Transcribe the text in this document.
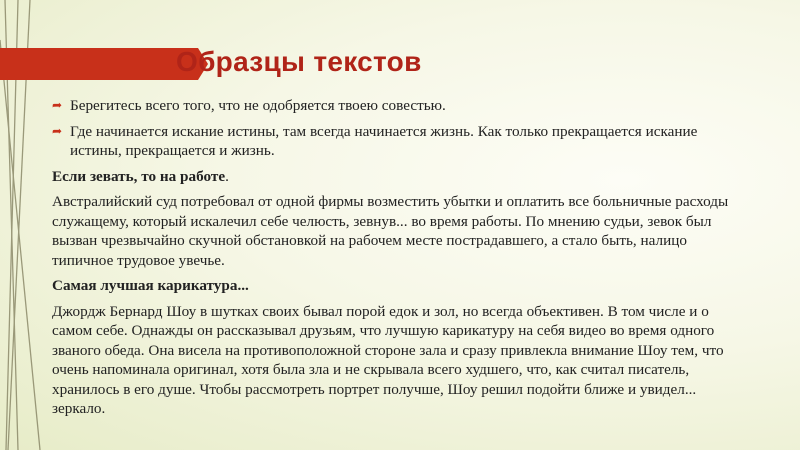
Образцы текстов
➦ Берегитесь всего того, что не одобряется твоею совестью.
➦ Где начинается искание истины, там всегда начинается жизнь. Как только прекращается искание истины, прекращается и жизнь.
Если зевать, то на работе.

Австралийский суд потребовал от одной фирмы возместить убытки и оплатить все больничные расходы служащему, который искалечил себе челюсть, зевнув... во время работы. По мнению судьи, зевок был вызван чрезвычайно скучной обстановкой на рабочем месте пострадавшего, а стало быть, налицо типичное трудовое увечье.

Самая лучшая карикатура...

Джордж Бернард Шоу в шутках своих бывал порой едок и зол, но всегда объективен. В том числе и о самом себе. Однажды он рассказывал друзьям, что лучшую карикатуру на себя видео во время одного званого обеда. Она висела на противоположной стороне зала и сразу привлекла внимание Шоу тем, что очень напоминала оригинал, хотя была зла и не скрывала всего худшего, что, как считал писатель, хранилось в его душе. Чтобы рассмотреть портрет получше, Шоу решил подойти ближе и увидел... зеркало.
